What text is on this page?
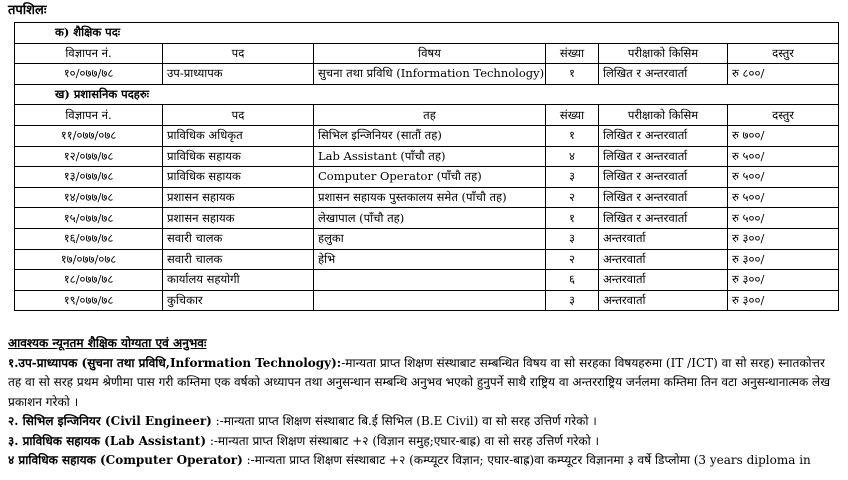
तपशिलः
क) शैक्षिक पदः					
विज्ञापन नं.	पद	विषय	संख्या	परीक्षाको किसिम	दस्तुर
१०/०७७/७८	उप-प्राध्यापक	सुचना तथा प्रविधि (Information Technology)	१	लिखित र अन्तरवार्ता	रु ८००/
ख) प्रशासनिक पदहरुः					
विज्ञापन नं.	पद	तह	संख्या	परीक्षाको किसिम	दस्तुर
११/०७७/०७८	प्राविधिक अधिकृत	सिभिल इन्जिनियर (सातौं तह)	१	लिखित र अन्तरवार्ता	रु ७००/
१२/०७७/७८	प्राविधिक सहायक	Lab Assistant (पाँचौ तह)	४	लिखित र अन्तरवार्ता	रु ५००/
१३/०७७/७८	प्राविधिक सहायक	Computer Operator (पाँचौ तह)	३	लिखित र अन्तरवार्ता	रु ५००/
१४/०७७/७८	प्रशासन सहायक	प्रशासन सहायक पुस्तकालय समेत (पाँचौ तह)	२	लिखित र अन्तरवार्ता	रु ५००/
१५/०७७/७८	प्रशासन सहायक	लेखापाल (पाँचौ तह)	१	लिखित र अन्तरवार्ता	रु ५००/
१६/०७७/७८	सवारी चालक	हलुका	३	अन्तरवार्ता	रु ३००/
१७/०७७/०७८	सवारी चालक	हेभि	२	अन्तरवार्ता	रु ३००/
१८/०७७/७८	कार्यालय सहयोगी		६	अन्तरवार्ता	रु ३००/
१९/०७७/७८	कुचिकार		३	अन्तरवार्ता	रु ३००/
आवश्यक न्यूनतम शैक्षिक योग्यता एवं अनुभवः

१.उप-प्राध्यापक (सुचना तथा प्रविधि,Information Technology):-मान्यता प्राप्त शिक्षण संस्थाबाट सम्बन्धित विषय वा सो सरहका विषयहरुमा (IT /ICT) वा सो सरह) स्नातकोत्तर तह वा सो सरह प्रथम श्रेणीमा पास गरी कम्तिमा एक वर्षको अध्यापन तथा अनुसन्धान सम्बन्धि अनुभव भएको हुनुपर्ने साथै राष्ट्रिय वा अन्तरराष्ट्रिय जर्नलमा कम्तिमा तिन वटा अनुसन्धानात्मक लेख प्रकाशन गरेको ।

२. सिभिल इन्जिनियर (Civil Engineer) :-मान्यता प्राप्त शिक्षण संस्थाबाट बि.ई सिभिल (B.E Civil) वा सो सरह उत्तिर्ण गरेको ।

३. प्राविधिक सहायक (Lab Assistant) :-मान्यता प्राप्त शिक्षण संस्थाबाट +२ (विज्ञान समुह;एघार-बाह्र) वा सो सरह उत्तिर्ण गरेको ।

४ प्राविधिक सहायक (Computer Operator) :-मान्यता प्राप्त शिक्षण संस्थाबाट +२ (कम्प्यूटर विज्ञान; एघार-बाह्र)वा कम्प्यूटर विज्ञानमा ३ वर्षे डिप्लोमा (3 years diploma in
